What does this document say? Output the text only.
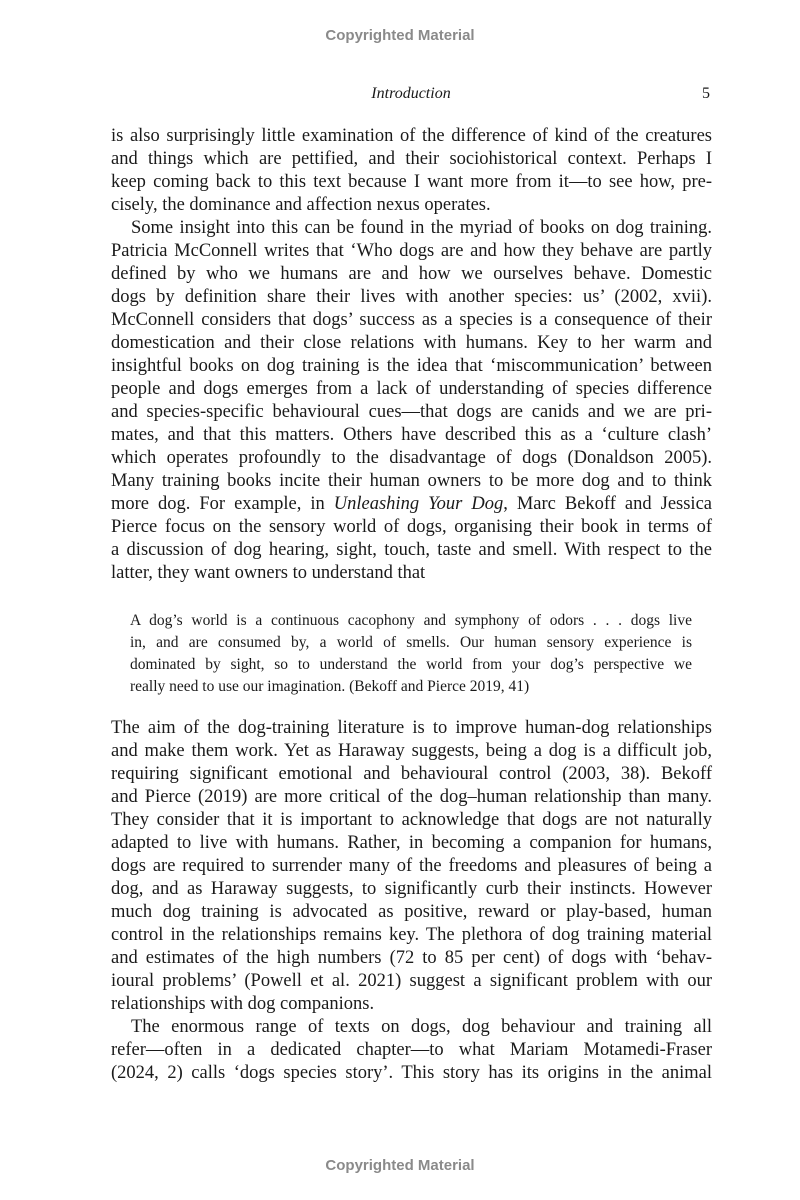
Copyrighted Material
Introduction	5
is also surprisingly little examination of the difference of kind of the creatures
and things which are pettified, and their sociohistorical context. Perhaps I
keep coming back to this text because I want more from it—to see how, pre-
cisely, the dominance and affection nexus operates.
Some insight into this can be found in the myriad of books on dog training.
Patricia McConnell writes that ‘Who dogs are and how they behave are partly
defined by who we humans are and how we ourselves behave. Domestic
dogs by definition share their lives with another species: us’ (2002, xvii).
McConnell considers that dogs’ success as a species is a consequence of their
domestication and their close relations with humans. Key to her warm and
insightful books on dog training is the idea that ‘miscommunication’ between
people and dogs emerges from a lack of understanding of species difference
and species-specific behavioural cues—that dogs are canids and we are pri-
mates, and that this matters. Others have described this as a ‘culture clash’
which operates profoundly to the disadvantage of dogs (Donaldson 2005).
Many training books incite their human owners to be more dog and to think
more dog. For example, in Unleashing Your Dog, Marc Bekoff and Jessica
Pierce focus on the sensory world of dogs, organising their book in terms of
a discussion of dog hearing, sight, touch, taste and smell. With respect to the
latter, they want owners to understand that
A dog’s world is a continuous cacophony and symphony of odors . . . dogs live
in, and are consumed by, a world of smells. Our human sensory experience is
dominated by sight, so to understand the world from your dog’s perspective we
really need to use our imagination. (Bekoff and Pierce 2019, 41)
The aim of the dog-training literature is to improve human-dog relationships
and make them work. Yet as Haraway suggests, being a dog is a difficult job,
requiring significant emotional and behavioural control (2003, 38). Bekoff
and Pierce (2019) are more critical of the dog–human relationship than many.
They consider that it is important to acknowledge that dogs are not naturally
adapted to live with humans. Rather, in becoming a companion for humans,
dogs are required to surrender many of the freedoms and pleasures of being a
dog, and as Haraway suggests, to significantly curb their instincts. However
much dog training is advocated as positive, reward or play-based, human
control in the relationships remains key. The plethora of dog training material
and estimates of the high numbers (72 to 85 per cent) of dogs with ‘behav-
ioural problems’ (Powell et al. 2021) suggest a significant problem with our
relationships with dog companions.
The enormous range of texts on dogs, dog behaviour and training all
refer—often in a dedicated chapter—to what Mariam Motamedi-Fraser
(2024, 2) calls ‘dogs species story’. This story has its origins in the animal
Copyrighted Material
